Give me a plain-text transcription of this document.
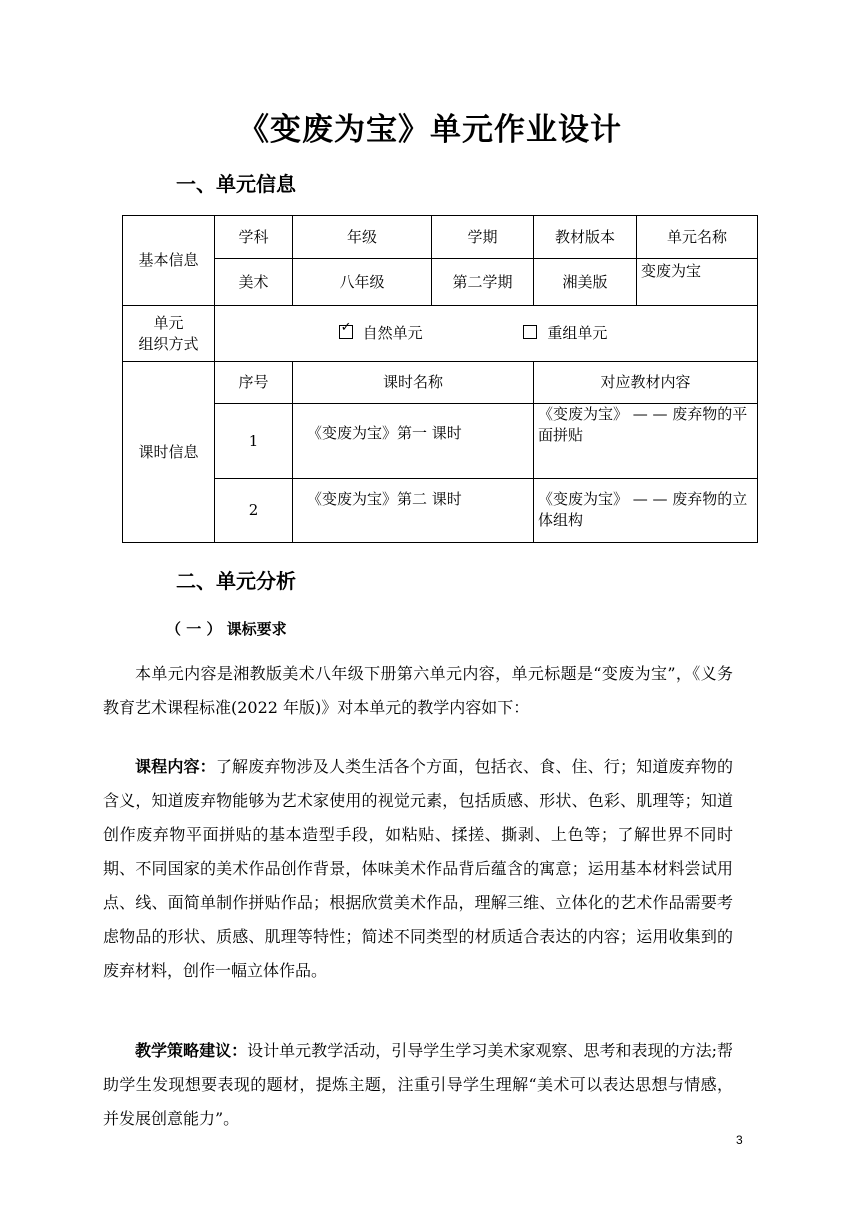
《变废为宝》单元作业设计
一、单元信息
基本信息	学科	年级	学期	教材版本	单元名称
	美术	八年级	第二学期	湘美版	变废为宝
单元
组织方式	✓ 自然单元 重组单元				
课时信息	序号	课时名称		对应教材内容	
	1	《变废为宝》第一 课时		《变废为宝》 — — 废弃物的平面拼贴	
	2	《变废为宝》第二 课时		《变废为宝》 — — 废弃物的立体组构	
二、单元分析
（ 一 ） 课标要求
本单元内容是湘教版美术八年级下册第六单元内容，单元标题是“变废为宝”，《义务教育艺术课程标准(2022 年版)》对本单元的教学内容如下：
课程内容：了解废弃物涉及人类生活各个方面，包括衣、食、住、行；知道废弃物的含义，知道废弃物能够为艺术家使用的视觉元素，包括质感、形状、色彩、肌理等；知道创作废弃物平面拼贴的基本造型手段，如粘贴、揉搓、撕剥、上色等；了解世界不同时期、不同国家的美术作品创作背景，体味美术作品背后蕴含的寓意；运用基本材料尝试用点、线、面简单制作拼贴作品；根据欣赏美术作品，理解三维、立体化的艺术作品需要考虑物品的形状、质感、肌理等特性；简述不同类型的材质适合表达的内容；运用收集到的废弃材料，创作一幅立体作品。
教学策略建议：设计单元教学活动，引导学生学习美术家观察、思考和表现的方法;帮助学生发现想要表现的题材，提炼主题，注重引导学生理解“美术可以表达思想与情感，并发展创意能力”。
3
